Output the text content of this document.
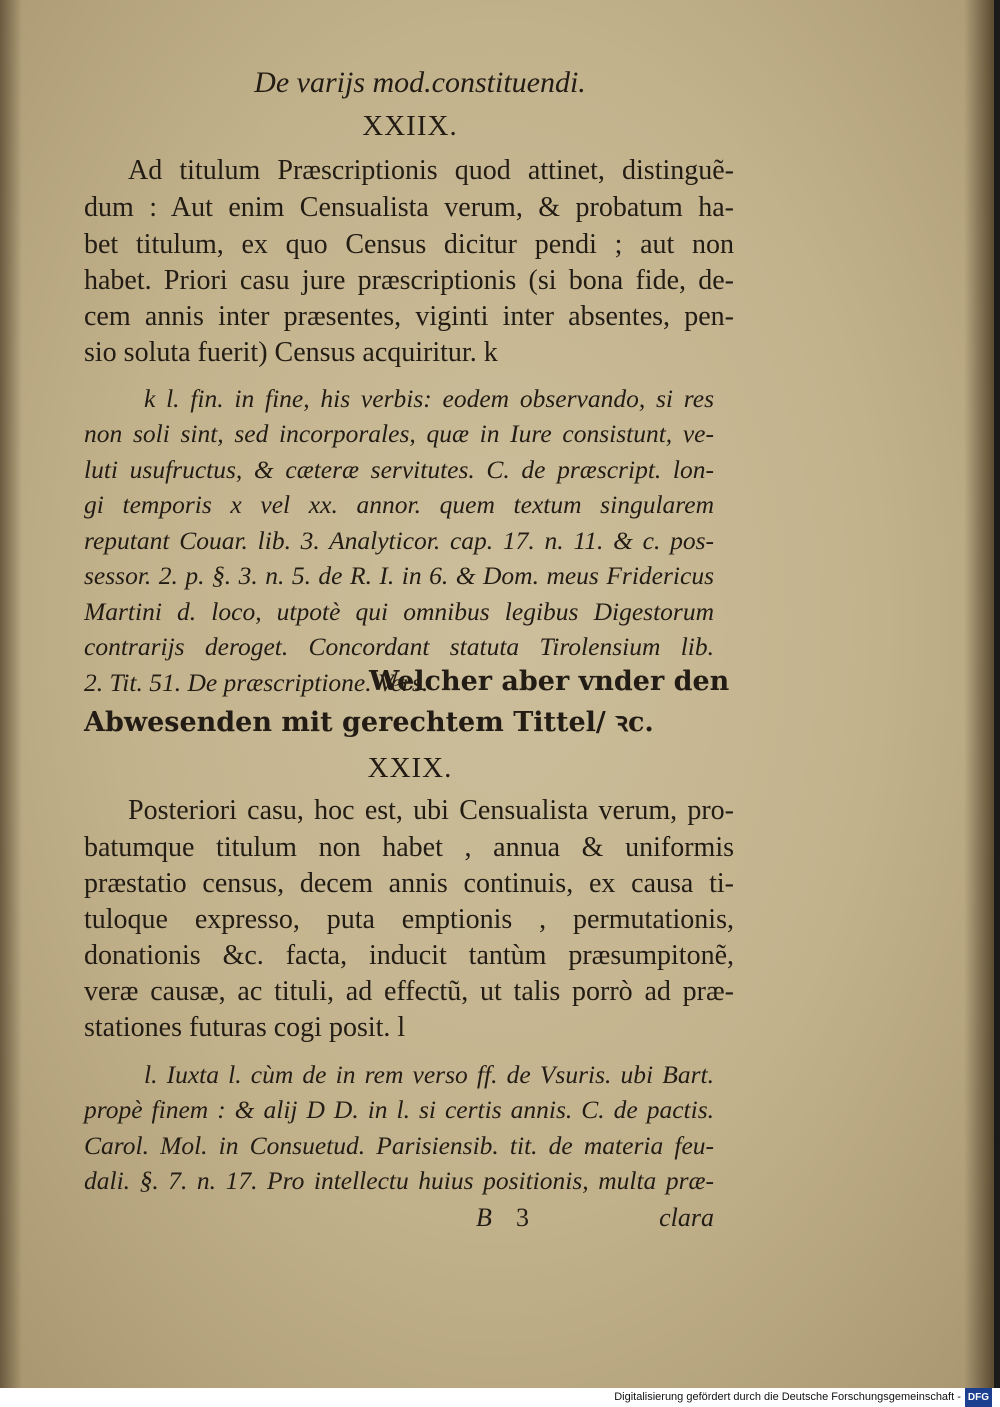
De varijs mod.constituendi.
XXIIX.
Ad titulum Præscriptionis quod attinet, distinguẽ-
dum : Aut enim Censualista verum, & probatum ha-
bet titulum, ex quo Census dicitur pendi ; aut non
habet. Priori casu jure præscriptionis (si bona fide, de-
cem annis inter præsentes, viginti inter absentes, pen-
sio soluta fuerit) Census acquiritur. k
k l. fin. in fine, his verbis: eodem observando, si res
non soli sint, sed incorporales, quæ in Iure consistunt, ve-
luti usufructus, & cæteræ servitutes. C. de præscript. lon-
gi temporis x vel xx. annor. quem textum singularem
reputant Couar. lib. 3. Analyticor. cap. 17. n. 11. & c. pos-
sessor. 2. p. §. 3. n. 5. de R. I. in 6. & Dom. meus Fridericus
Martini d. loco, utpotè qui omnibus legibus Digestorum
contrarijs deroget. Concordant statuta Tirolensium lib.
2. Tit. 51. De præscriptione. Vers.
Welcher aber vnder den
Abwesenden mit gerechtem Tittel/ ꝛc.
XXIX.
Posteriori casu, hoc est, ubi Censualista verum, pro-
batumque titulum non habet , annua & uniformis
præstatio census, decem annis continuis, ex causa ti-
tuloque expresso, puta emptionis , permutationis,
donationis &c. facta, inducit tantùm præsumpitonẽ,
veræ causæ, ac tituli, ad effectũ, ut talis porrò ad præ-
stationes futuras cogi posit. l
l. Iuxta l. cùm de in rem verso ff. de Vsuris. ubi Bart.
propè finem : & alij D D. in l. si certis annis. C. de pactis.
Carol. Mol. in Consuetud. Parisiensib. tit. de materia feu-
dali. §. 7. n. 17. Pro intellectu huius positionis, multa præ-
B 3	clara
Digitalisierung gefördert durch die Deutsche Forschungsgemeinschaft - DFG
